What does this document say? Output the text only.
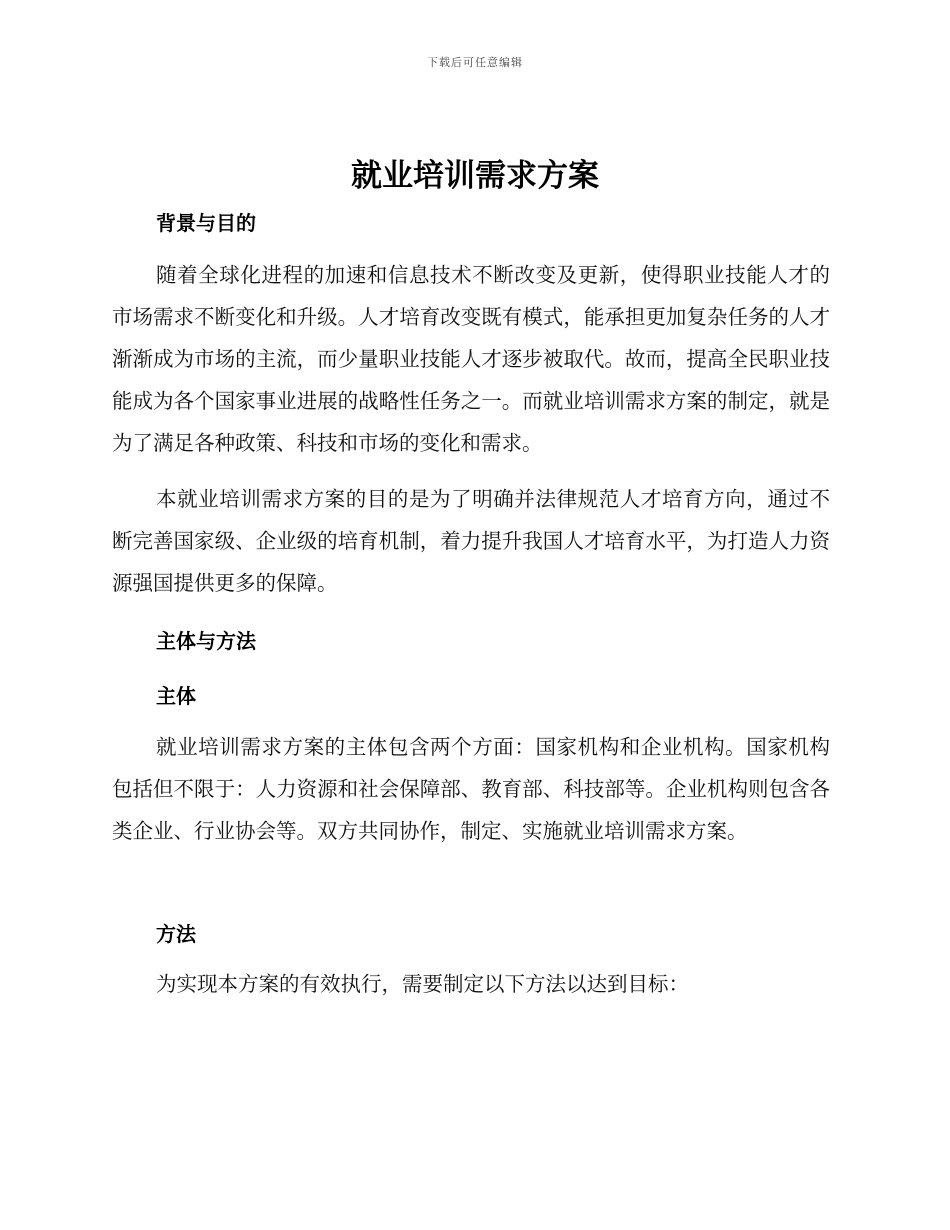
下载后可任意编辑
就业培训需求方案
背景与目的

随着全球化进程的加速和信息技术不断改变及更新，使得职业技能人才的市场需求不断变化和升级。人才培育改变既有模式，能承担更加复杂任务的人才渐渐成为市场的主流，而少量职业技能人才逐步被取代。故而，提高全民职业技能成为各个国家事业进展的战略性任务之一。而就业培训需求方案的制定，就是为了满足各种政策、科技和市场的变化和需求。

本就业培训需求方案的目的是为了明确并法律规范人才培育方向，通过不断完善国家级、企业级的培育机制，着力提升我国人才培育水平，为打造人力资源强国提供更多的保障。

主体与方法
主体

就业培训需求方案的主体包含两个方面：国家机构和企业机构。国家机构包括但不限于：人力资源和社会保障部、教育部、科技部等。企业机构则包含各类企业、行业协会等。双方共同协作，制定、实施就业培训需求方案。

方法

为实现本方案的有效执行，需要制定以下方法以达到目标：
